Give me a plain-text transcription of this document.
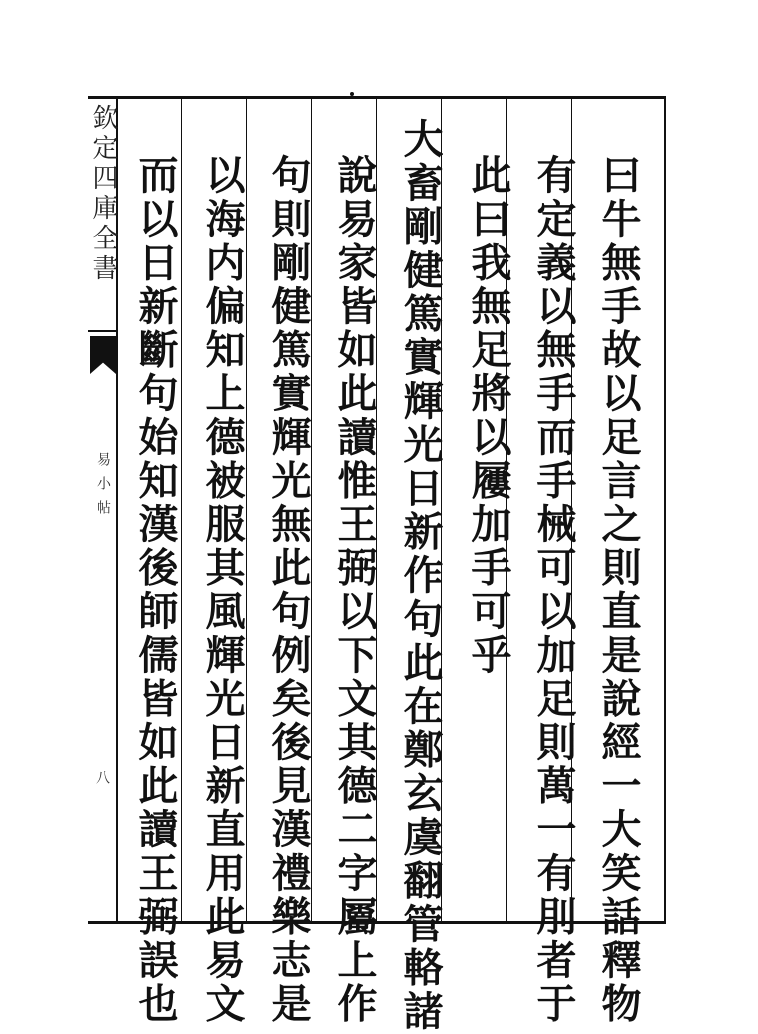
欽定四庫全書
易小帖
八	曰牛無手故以足言之則直是說經一大笑話釋物
有定義以無手而手械可以加足則萬一有刖者于
此曰我無足將以屨加手可乎
大畜剛健篤實輝光日新作句此在鄭玄虞翻管輅諸
說易家皆如此讀惟王弼以下文其德二字屬上作
句則剛健篤實輝光無此句例矣後見漢禮樂志是
以海内偏知上德被服其風輝光日新直用此易文
而以日新斷句始知漢後師儒皆如此讀王弼誤也
